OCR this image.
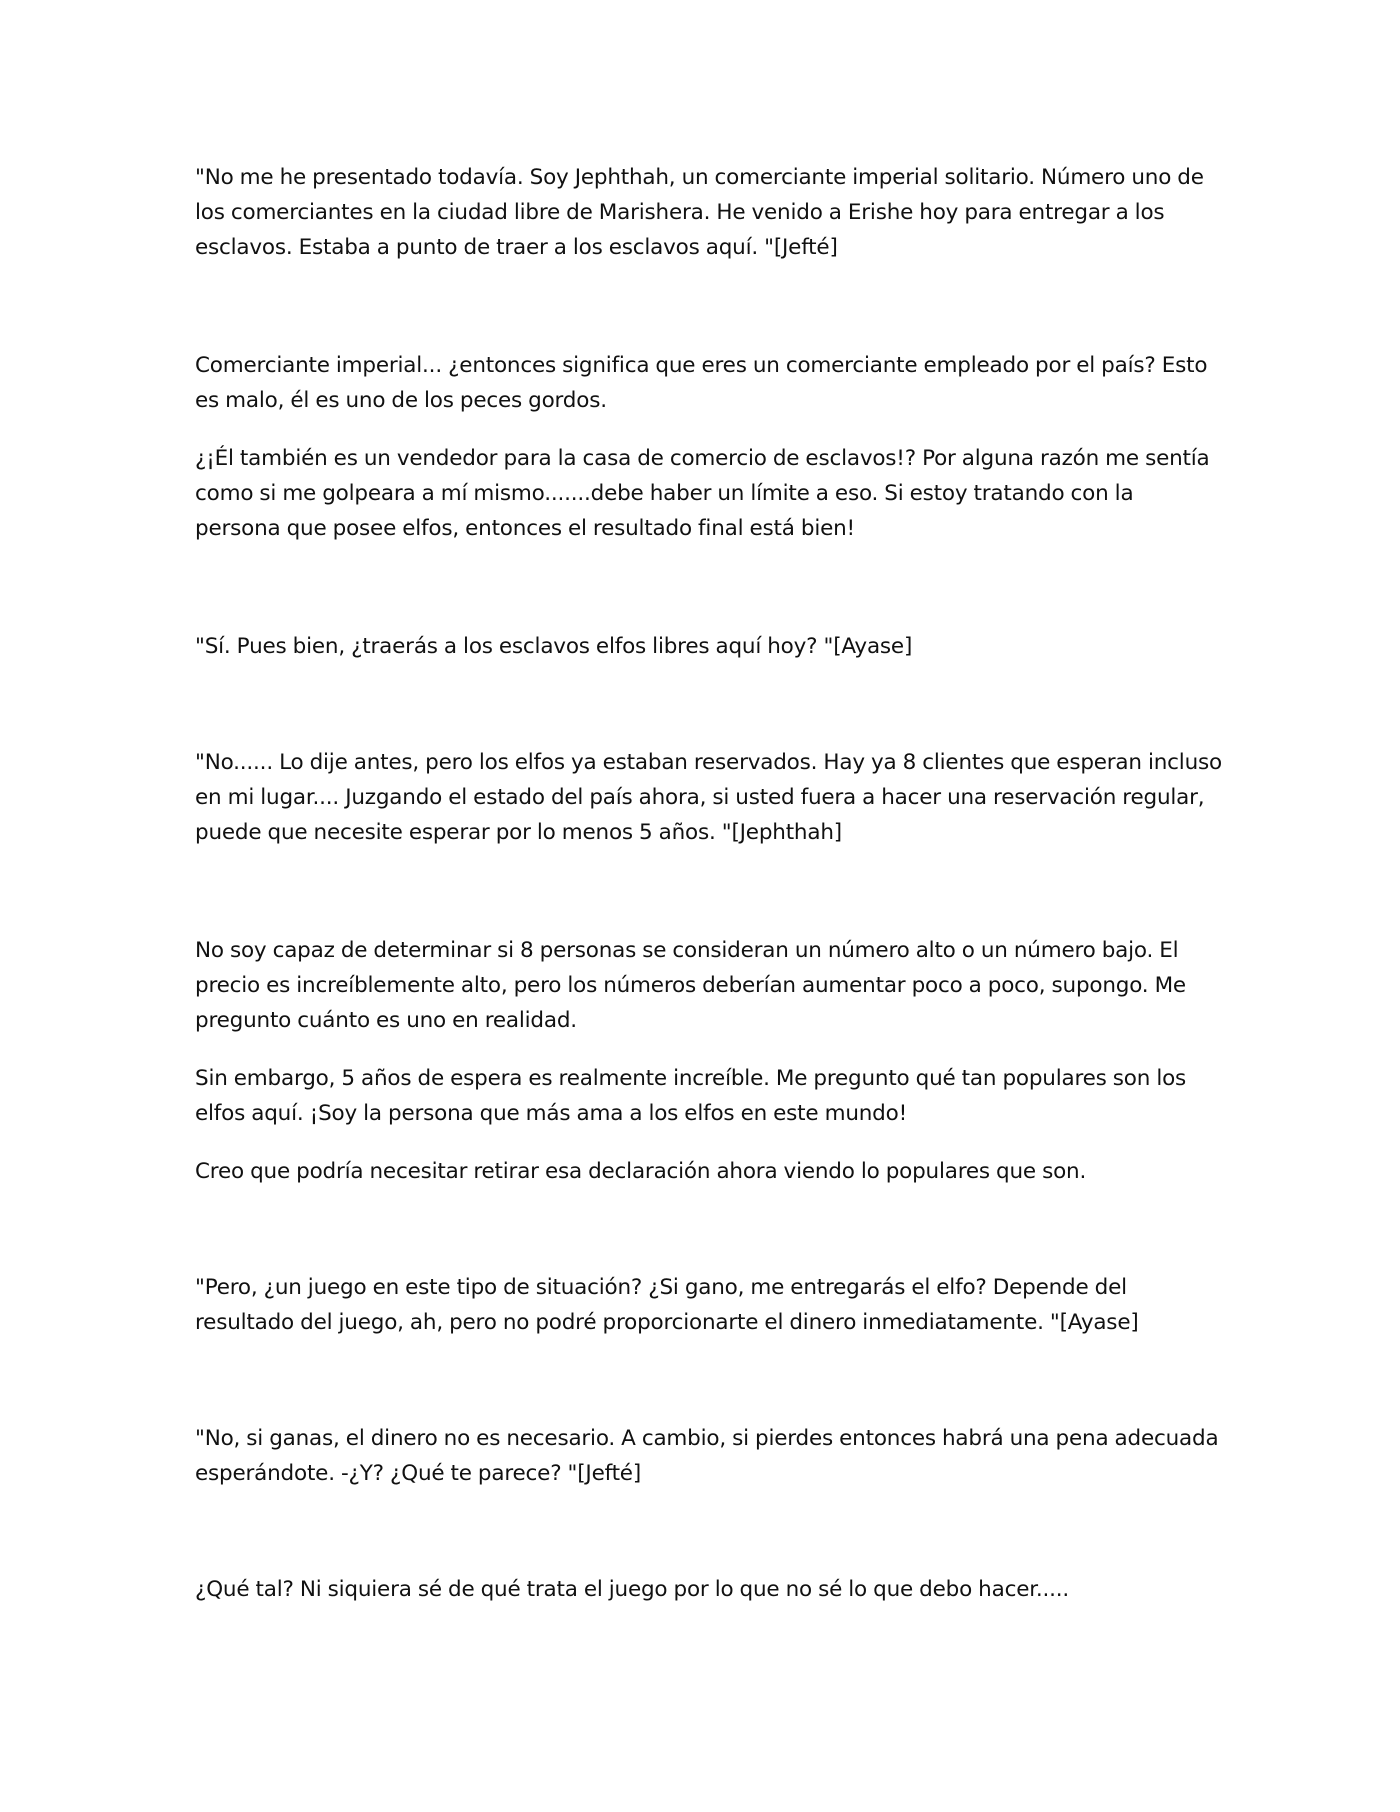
"No me he presentado todavía. Soy Jephthah, un comerciante imperial solitario. Número uno de los comerciantes en la ciudad libre de Marishera. He venido a Erishe hoy para entregar a los esclavos. Estaba a punto de traer a los esclavos aquí. "[Jefté]

Comerciante imperial... ¿entonces significa que eres un comerciante empleado por el país? Esto es malo, él es uno de los peces gordos.

¿¡Él también es un vendedor para la casa de comercio de esclavos!? Por alguna razón me sentía como si me golpeara a mí mismo.......debe haber un límite a eso. Si estoy tratando con la persona que posee elfos, entonces el resultado final está bien!

"Sí. Pues bien, ¿traerás a los esclavos elfos libres aquí hoy? "[Ayase]

"No...... Lo dije antes, pero los elfos ya estaban reservados. Hay ya 8 clientes que esperan incluso en mi lugar.... Juzgando el estado del país ahora, si usted fuera a hacer una reservación regular, puede que necesite esperar por lo menos 5 años. "[Jephthah]

No soy capaz de determinar si 8 personas se consideran un número alto o un número bajo. El precio es increíblemente alto, pero los números deberían aumentar poco a poco, supongo. Me pregunto cuánto es uno en realidad.

Sin embargo, 5 años de espera es realmente increíble. Me pregunto qué tan populares son los elfos aquí. ¡Soy la persona que más ama a los elfos en este mundo!

Creo que podría necesitar retirar esa declaración ahora viendo lo populares que son.

"Pero, ¿un juego en este tipo de situación? ¿Si gano, me entregarás el elfo? Depende del resultado del juego, ah, pero no podré proporcionarte el dinero inmediatamente. "[Ayase]

"No, si ganas, el dinero no es necesario. A cambio, si pierdes entonces habrá una pena adecuada esperándote. -¿Y? ¿Qué te parece? "[Jefté]

¿Qué tal? Ni siquiera sé de qué trata el juego por lo que no sé lo que debo hacer.....
